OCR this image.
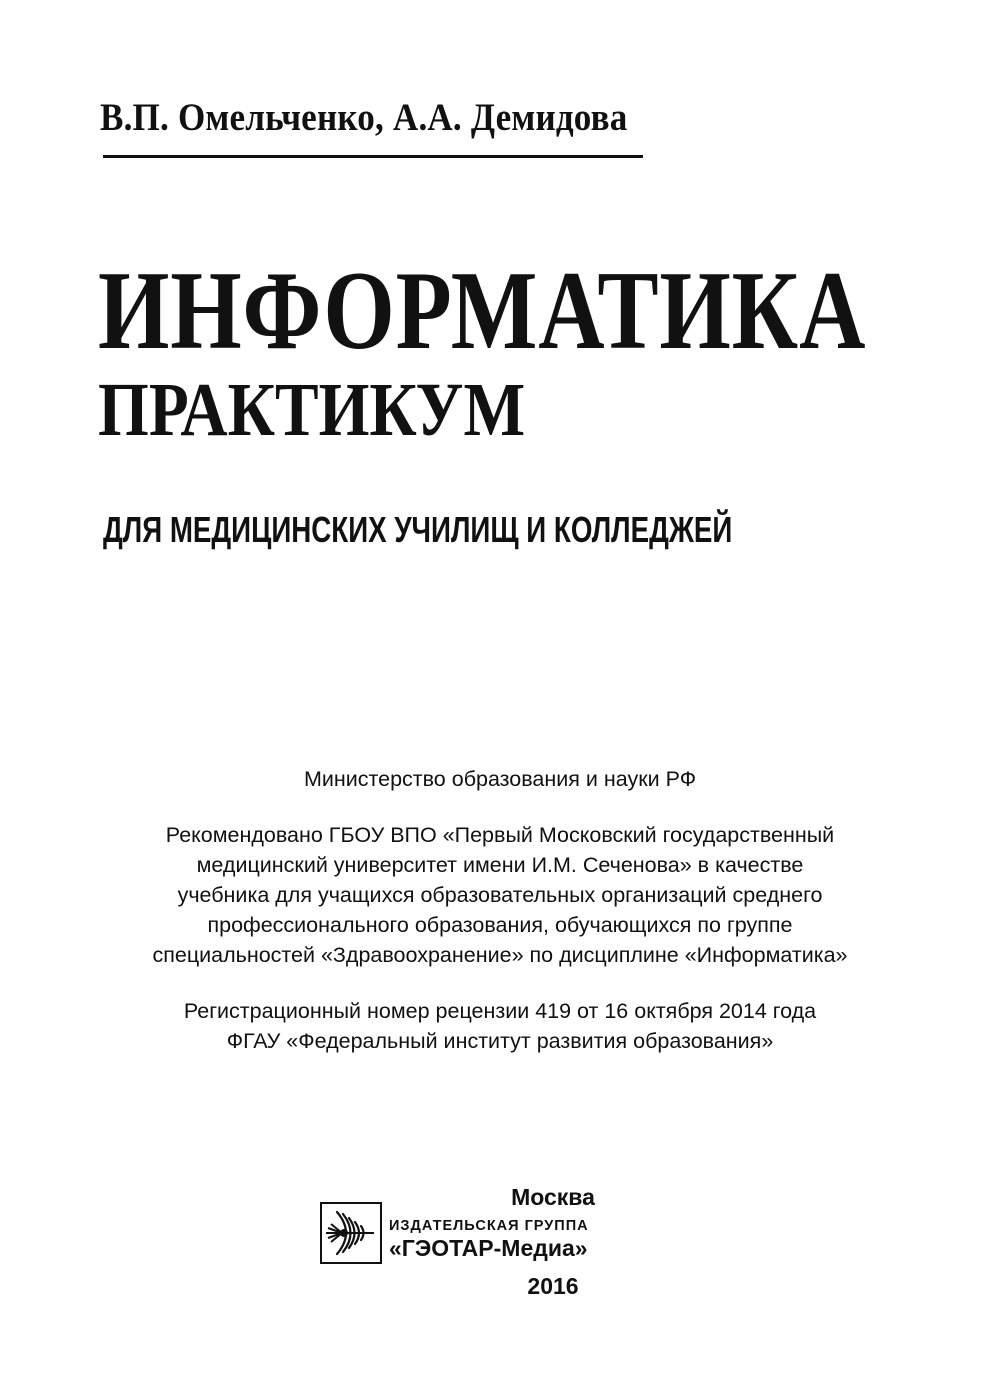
В.П. Омельченко, А.А. Демидова
ИНФОРМАТИКА
ПРАКТИКУМ
ДЛЯ МЕДИЦИНСКИХ УЧИЛИЩ И КОЛЛЕДЖЕЙ
Министерство образования и науки РФ
Рекомендовано ГБОУ ВПО «Первый Московский государственный
медицинский университет имени И.М. Сеченова» в качестве
учебника для учащихся образовательных организаций среднего
профессионального образования, обучающихся по группе
специальностей «Здравоохранение» по дисциплине «Информатика»
Регистрационный номер рецензии 419 от 16 октября 2014 года
ФГАУ «Федеральный институт развития образования»
Москва
ИЗДАТЕЛЬСКАЯ ГРУППА
«ГЭОТАР-Медиа»
2016
